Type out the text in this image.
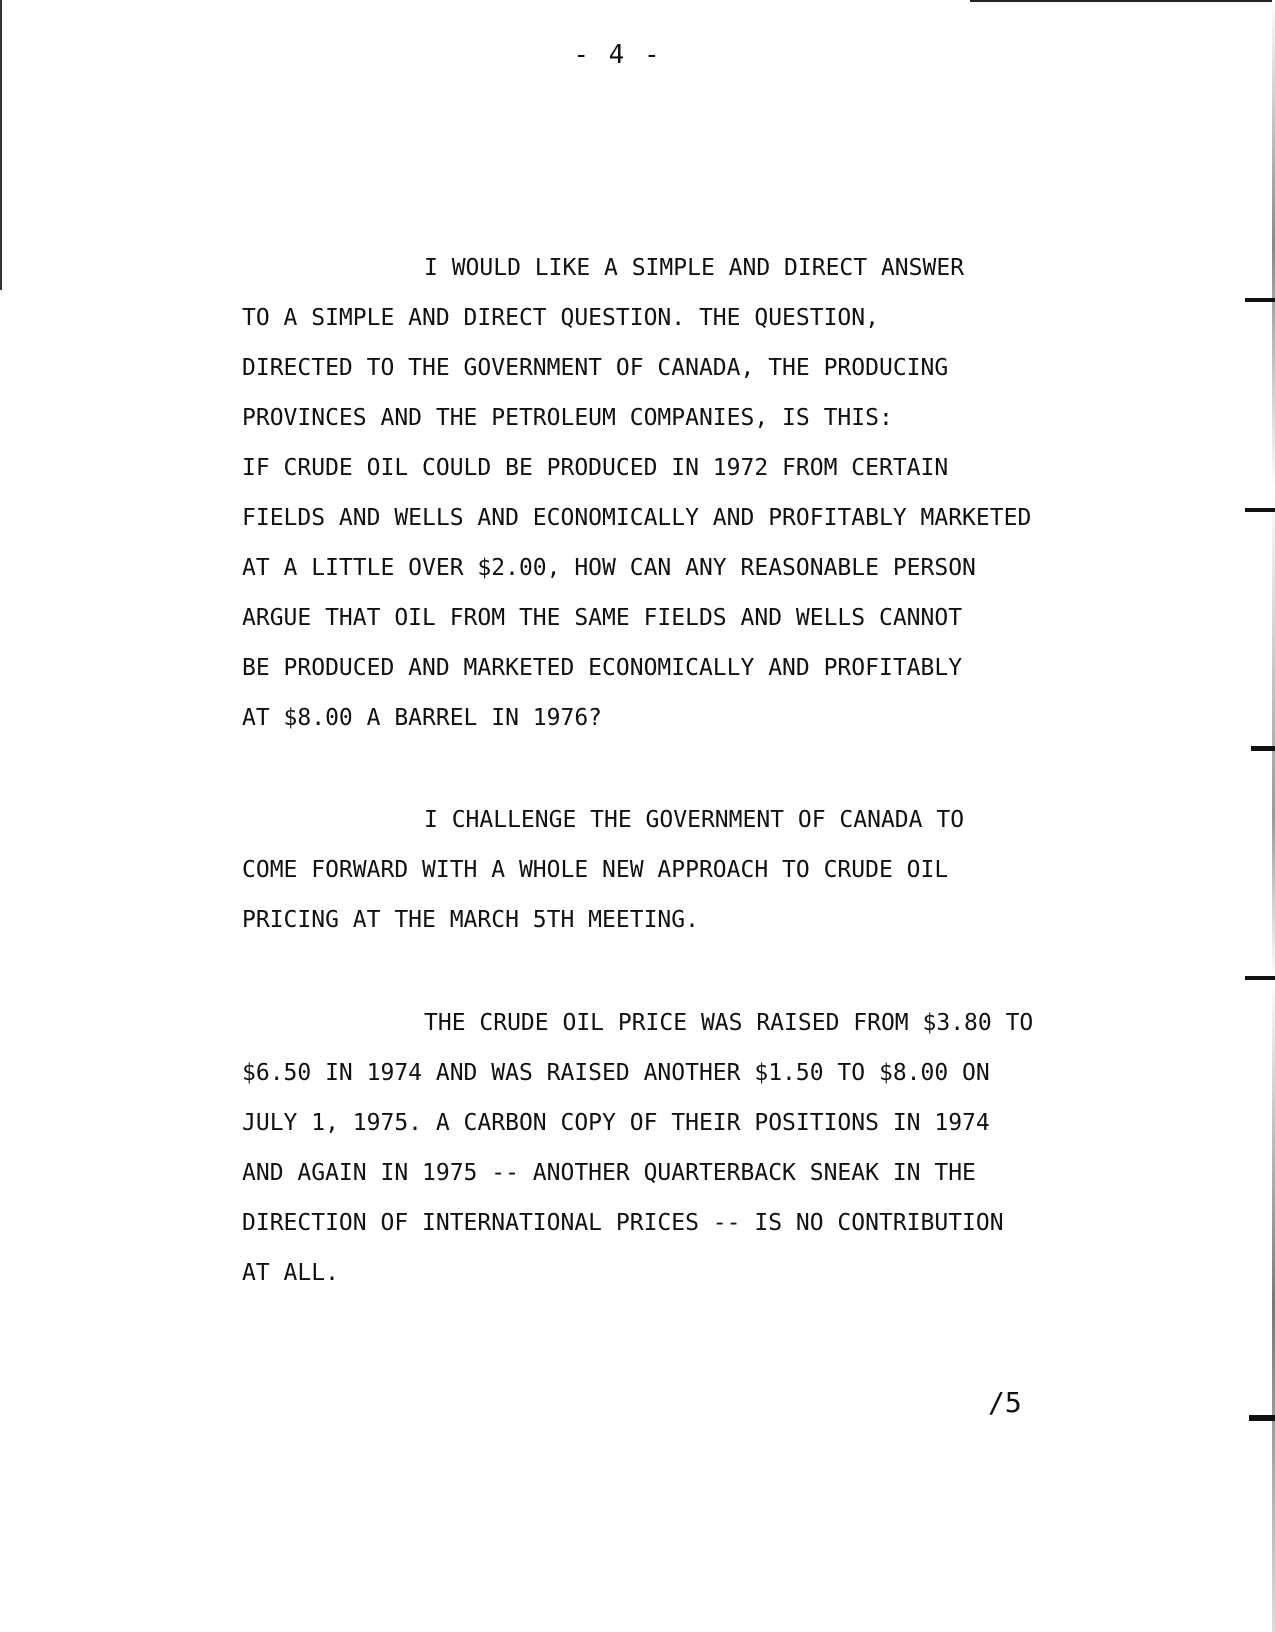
- 4 -

I WOULD LIKE A SIMPLE AND DIRECT ANSWER
TO A SIMPLE AND DIRECT QUESTION. THE QUESTION,
DIRECTED TO THE GOVERNMENT OF CANADA, THE PRODUCING
PROVINCES AND THE PETROLEUM COMPANIES, IS THIS:
IF CRUDE OIL COULD BE PRODUCED IN 1972 FROM CERTAIN
FIELDS AND WELLS AND ECONOMICALLY AND PROFITABLY MARKETED
AT A LITTLE OVER $2.00, HOW CAN ANY REASONABLE PERSON
ARGUE THAT OIL FROM THE SAME FIELDS AND WELLS CANNOT
BE PRODUCED AND MARKETED ECONOMICALLY AND PROFITABLY
AT $8.00 A BARREL IN 1976?

I CHALLENGE THE GOVERNMENT OF CANADA TO
COME FORWARD WITH A WHOLE NEW APPROACH TO CRUDE OIL
PRICING AT THE MARCH 5TH MEETING.

THE CRUDE OIL PRICE WAS RAISED FROM $3.80 TO
$6.50 IN 1974 AND WAS RAISED ANOTHER $1.50 TO $8.00 ON
JULY 1, 1975. A CARBON COPY OF THEIR POSITIONS IN 1974
AND AGAIN IN 1975 -- ANOTHER QUARTERBACK SNEAK IN THE
DIRECTION OF INTERNATIONAL PRICES -- IS NO CONTRIBUTION
AT ALL.

/5
